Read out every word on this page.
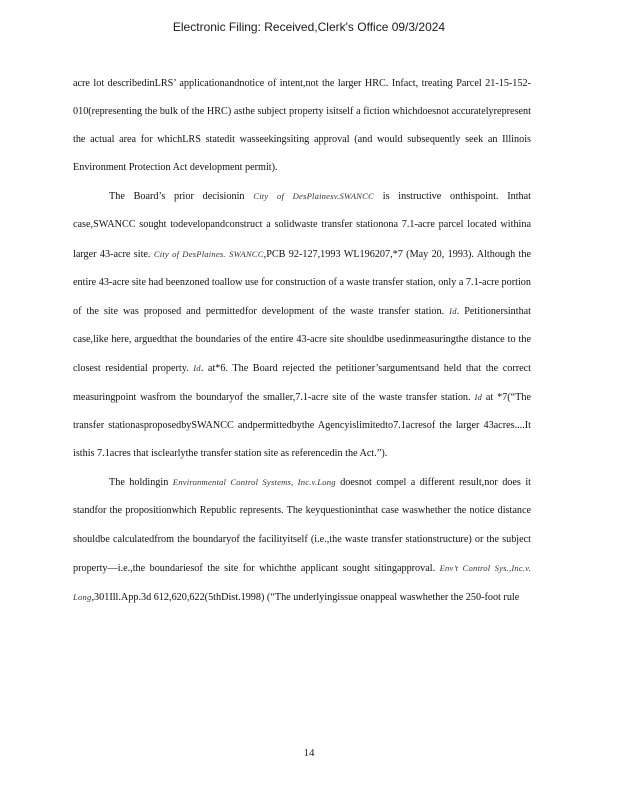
Electronic Filing: Received,Clerk's Office 09/3/2024

acre lot describedinLRS’ applicationandnotice of intent,not the larger HRC. Infact, treating Parcel 21-15-152-010(representing the bulk of the HRC) asthe subject property isitself a fiction whichdoesnot accuratelyrepresent the actual area for whichLRS statedit wasseekingsiting approval (and would subsequently seek an Illinois Environment Protection Act development permit).

The Board’s prior decisionin City of DesPlainesv.SWANCC is instructive onthispoint. Inthat case,SWANCC sought todevelopandconstruct a solidwaste transfer stationona 7.1-acre parcel located withina larger 43-acre site. City of DesPlaines. SWANCC,PCB 92-127,1993 WL196207,*7 (May 20, 1993). Although the entire 43-acre site had beenzoned toallow use for construction of a waste transfer station, only a 7.1-acre portion of the site was proposed and permittedfor development of the waste transfer station. Id. Petitionersinthat case,like here, arguedthat the boundaries of the entire 43-acre site shouldbe usedinmeasuringthe distance to the closest residential property. Id. at*6. The Board rejected the petitioner’sargumentsand held that the correct measuringpoint wasfrom the boundaryof the smaller,7.1-acre site of the waste transfer station. Id at *7(“The transfer stationasproposedbySWANCC andpermittedbythe Agencyislimitedto7.1acresof the larger 43acres....It isthis 7.1acres that isclearlythe transfer station site as referencedin the Act.”).

The holdingin Environmental Control Systems, Inc.v.Long doesnot compel a different result,nor does it standfor the propositionwhich Republic represents. The keyquestioninthat case waswhether the notice distance shouldbe calculatedfrom the boundaryof the facilityitself (i.e.,the waste transfer stationstructure) or the subject property—i.e.,the boundariesof the site for whichthe applicant sought sitingapproval. Env’t Control Sys.,Inc.v. Long,301Ill.App.3d 612,620,622(5thDist.1998) (“The underlyingissue onappeal waswhether the 250-foot rule

14
